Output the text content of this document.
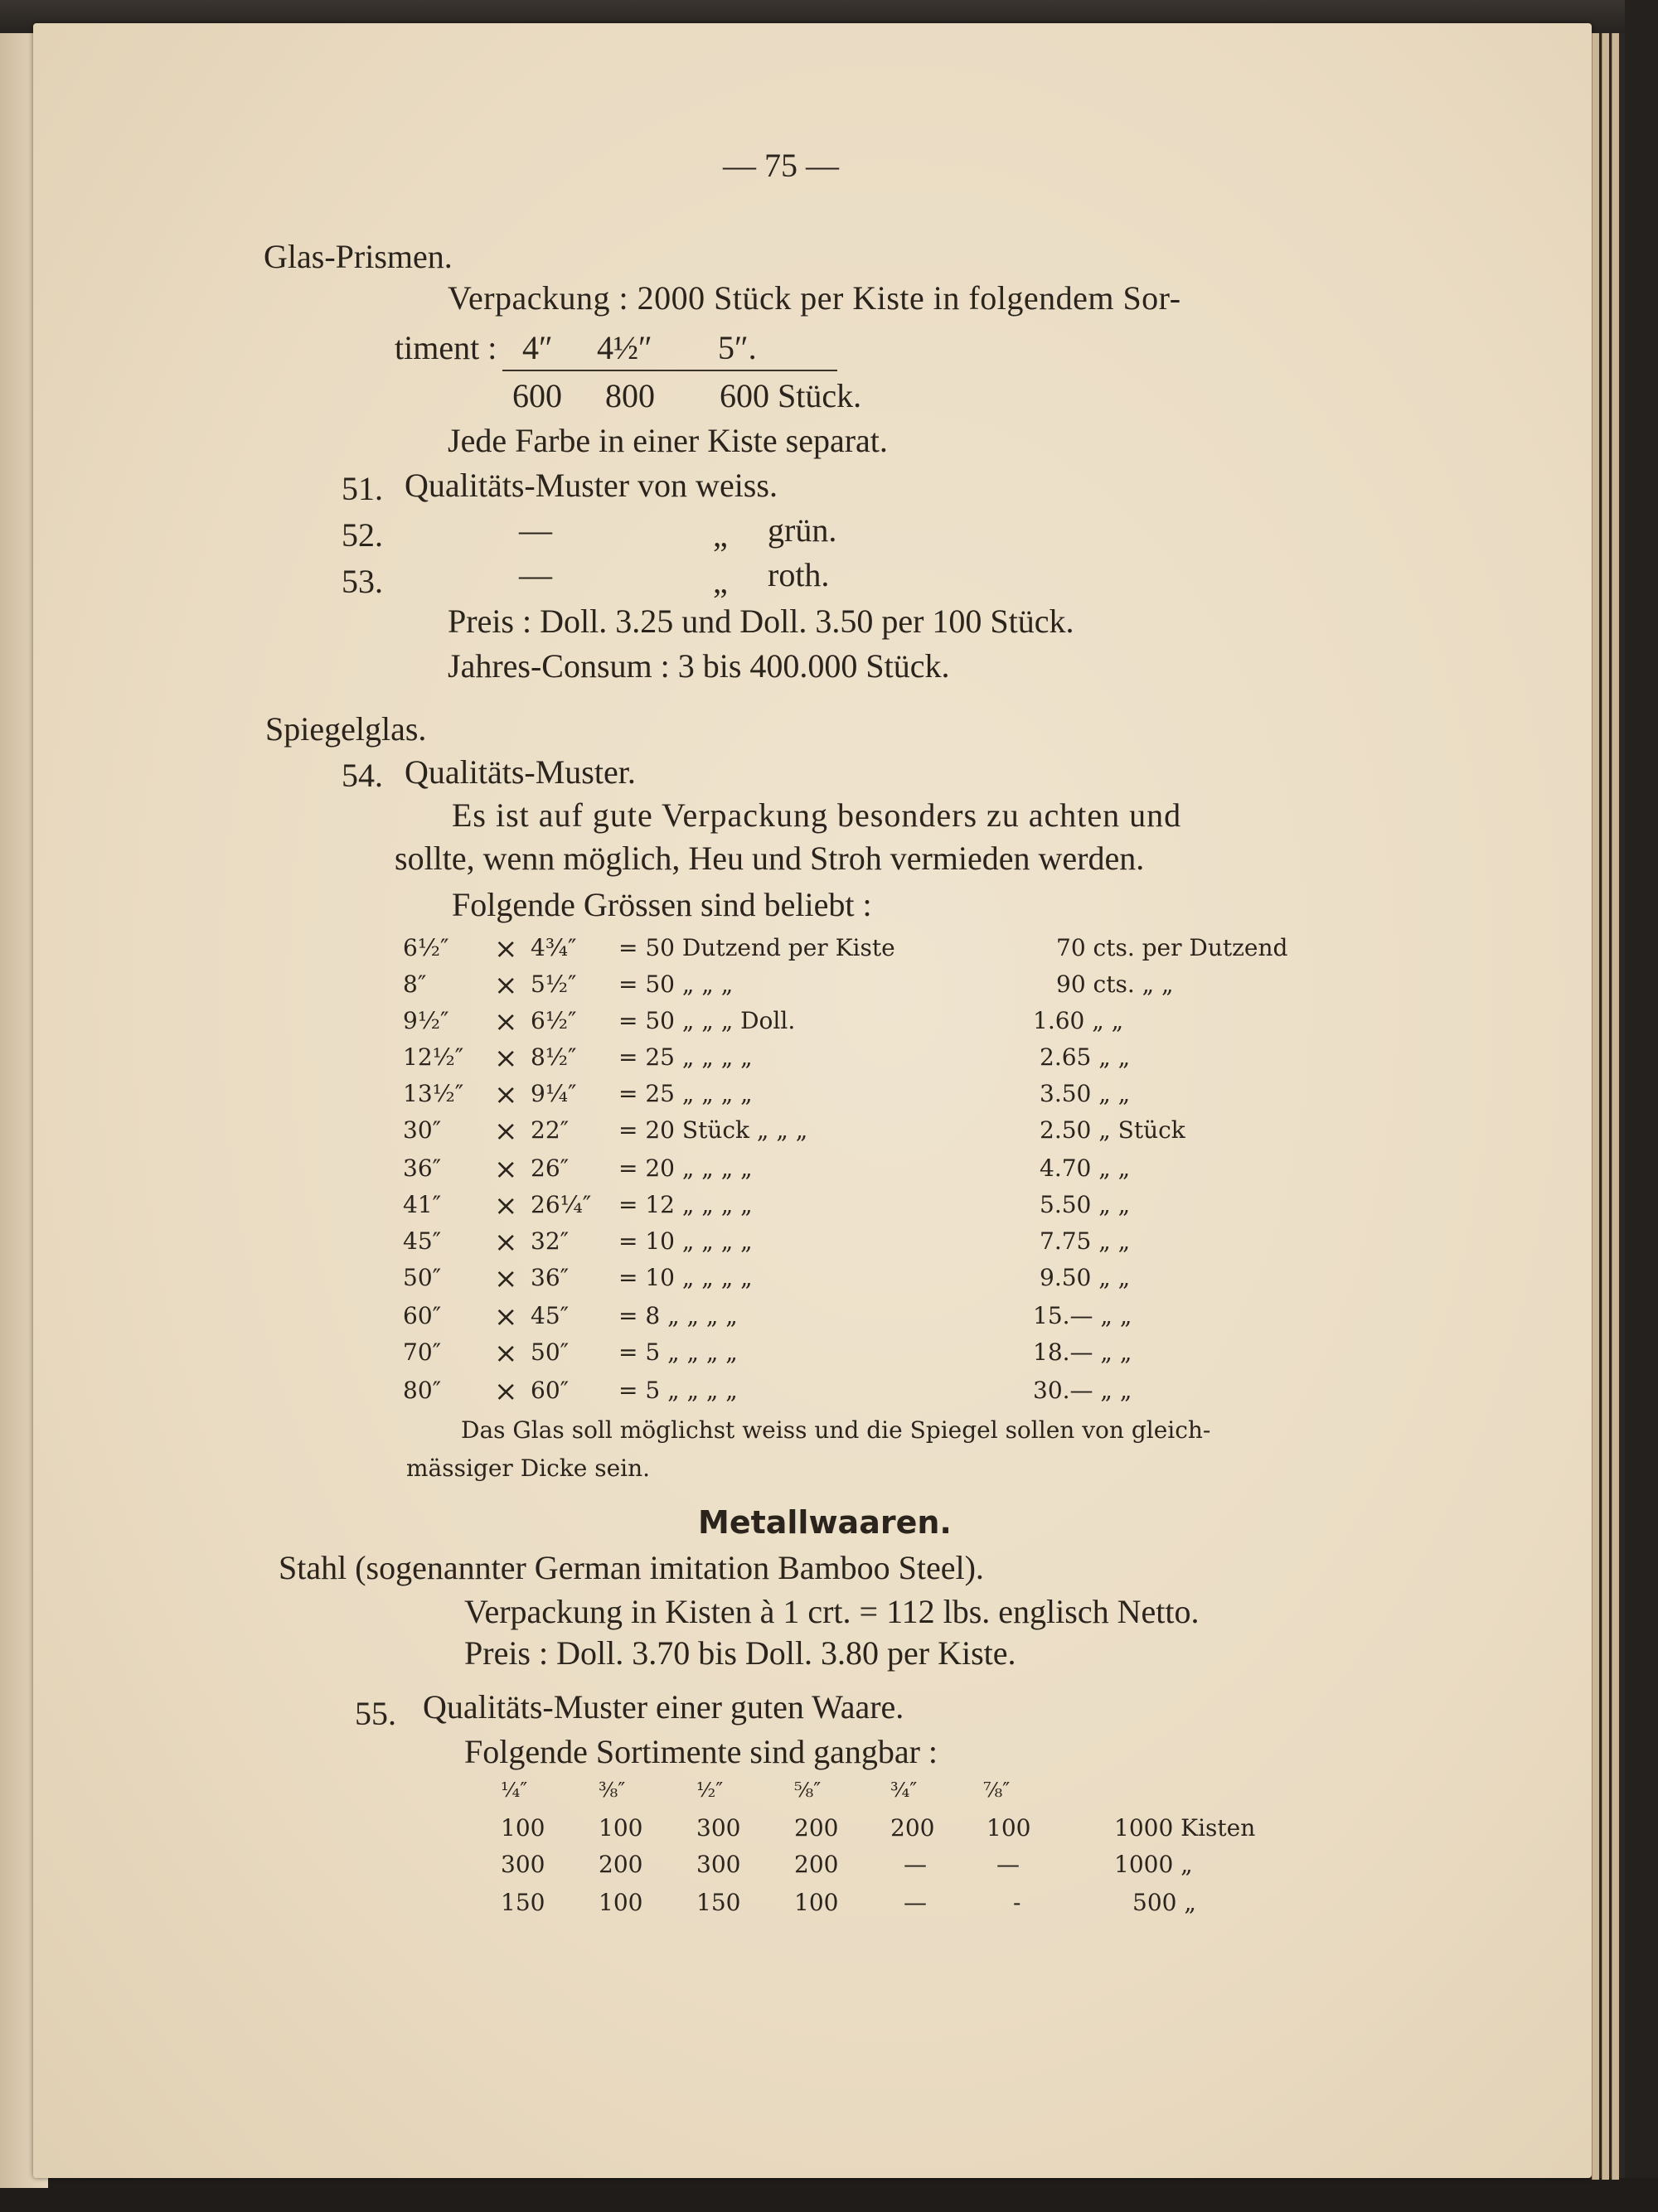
— 75 —
Glas-Prismen.
Verpackung : 2000 Stück per Kiste in folgendem Sor-
timent : 4″ 4½″ 5″.
600 800 600 Stück.
Jede Farbe in einer Kiste separat.
51. Qualitäts-Muster von weiss.
52.	—	„ grün.
53.	—	„ roth.
Preis : Doll. 3.25 und Doll. 3.50 per 100 Stück.
Jahres-Consum : 3 bis 400.000 Stück.
Spiegelglas.
54. Qualitäts-Muster.
Es ist auf gute Verpackung besonders zu achten und
sollte, wenn möglich, Heu und Stroh vermieden werden.
Folgende Grössen sind beliebt :
6½″ × 4¾″ = 50 Dutzend per Kiste	70 cts. per Dutzend
8″ × 5½″ = 50 „ „ „	90 cts. „ „
9½″ × 6½″ = 50 „ „ „ Doll.	1.60 „ „
12½″ × 8½″ = 25 „ „ „ „	2.65 „ „
13½″ × 9¼″ = 25 „ „ „ „	3.50 „ „
30″ × 22″ = 20 Stück „ „ „	2.50 „ Stück
36″ × 26″ = 20 „ „ „ „	4.70 „ „
41″ × 26¼″ = 12 „ „ „ „	5.50 „ „
45″ × 32″ = 10 „ „ „ „	7.75 „ „
50″ × 36″ = 10 „ „ „ „	9.50 „ „
60″ × 45″ = 8 „ „ „ „	15.— „ „
70″ × 50″ = 5 „ „ „ „	18.— „ „
80″ × 60″ = 5 „ „ „ „	30.— „ „
Das Glas soll möglichst weiss und die Spiegel sollen von gleich-
mässiger Dicke sein.
Metallwaaren.
Stahl (sogenannter German imitation Bamboo Steel).
Verpackung in Kisten à 1 crt. = 112 lbs. englisch Netto.
Preis : Doll. 3.70 bis Doll. 3.80 per Kiste.
55. Qualitäts-Muster einer guten Waare.
Folgende Sortimente sind gangbar :
¼″	⅜″	½″	⅝″	¾″	⅞″
100 100 300 200 200 100	1000 Kisten
300 200 300 200	—	—	1000 „
150 100 150 100	—	-	500 „
